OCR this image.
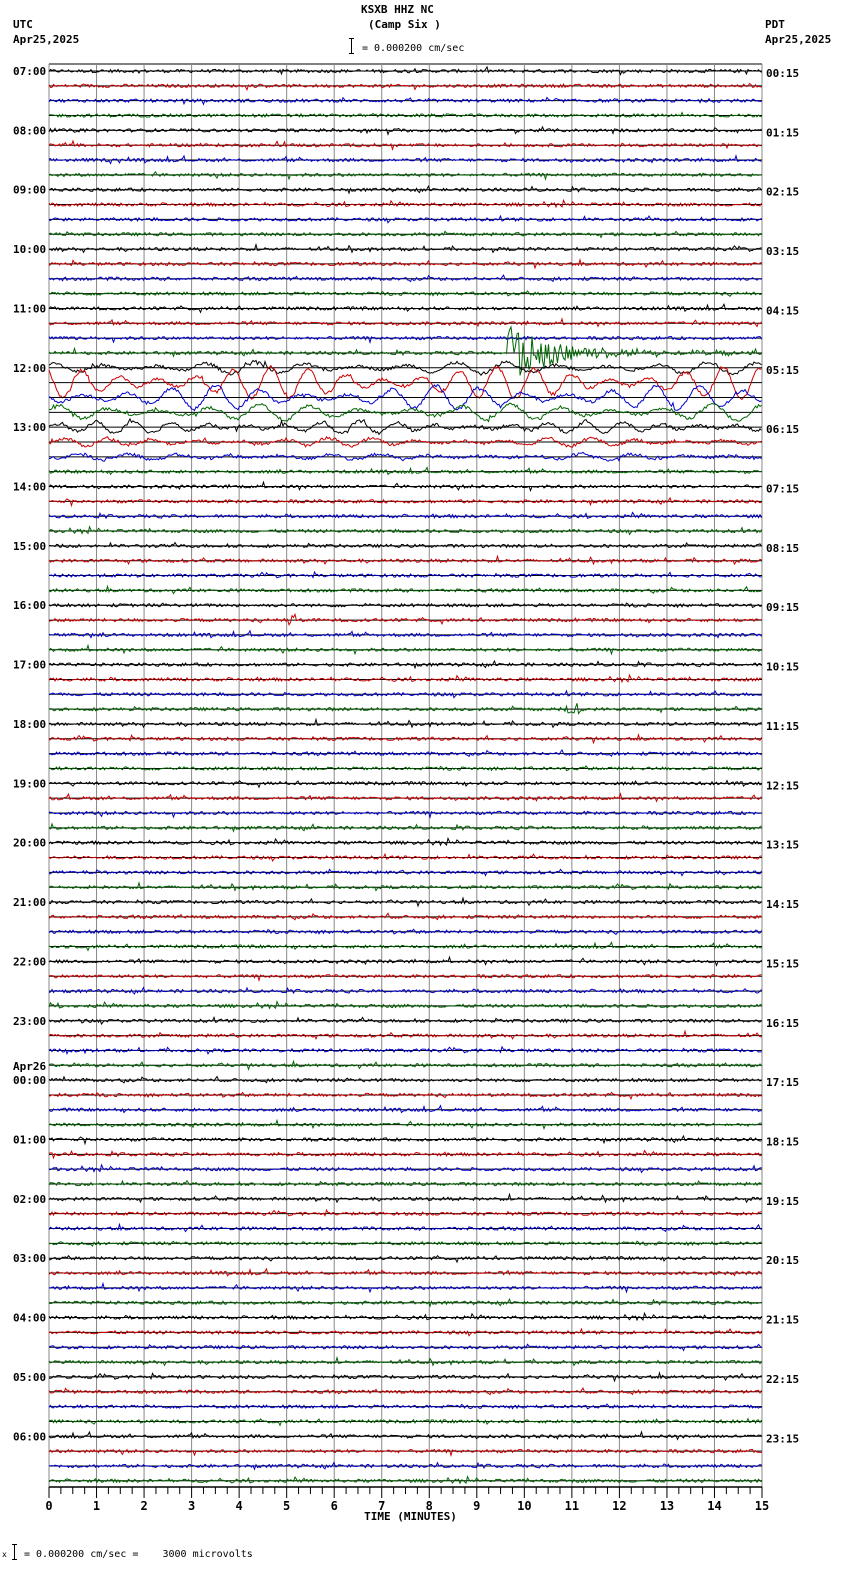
KSXB HHZ NC
(Camp Six )
UTC
Apr25,2025
PDT
Apr25,2025
= 0.000200 cm/sec
07:00
08:00
09:00
10:00
11:00
12:00
13:00
14:00
15:00
16:00
17:00
18:00
19:00
20:00
21:00
22:00
23:00
00:00
01:00
02:00
03:00
04:00
05:00
06:00
Apr26
00:15
01:15
02:15
03:15
04:15
05:15
06:15
07:15
08:15
09:15
10:15
11:15
12:15
13:15
14:15
15:15
16:15
17:15
18:15
19:15
20:15
21:15
22:15
23:15
0	1	2	3	4	5	6	7	8	9	10	11	12	13	14	15
TIME (MINUTES)
x = 0.000200 cm/sec =    3000 microvolts
